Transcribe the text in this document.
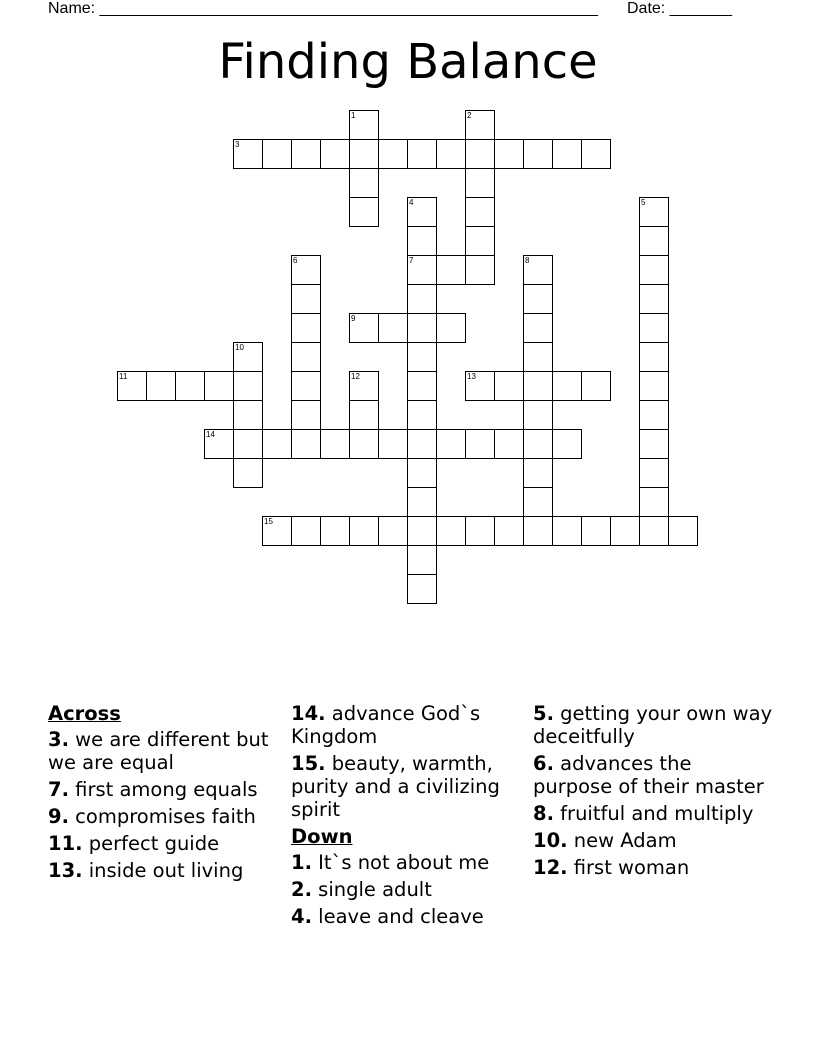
Name: ________________________________________________________ Date: _______
Finding Balance
1	2
3
4	5
6	7	8
9
10
11	12	13
14
15
Across
3. we are different but we are equal
7. first among equals
9. compromises faith
11. perfect guide
13. inside out living
14. advance God`s Kingdom
15. beauty, warmth, purity and a civilizing spirit
Down
1. It`s not about me
2. single adult
4. leave and cleave
5. getting your own way deceitfully
6. advances the purpose of their master
8. fruitful and multiply
10. new Adam
12. first woman
